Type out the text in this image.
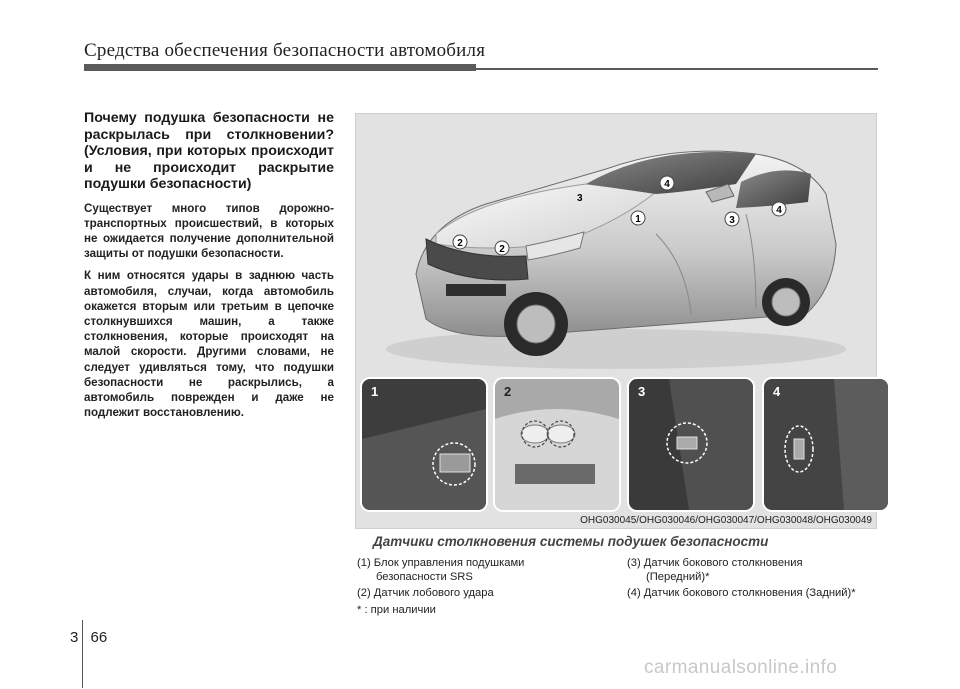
Средства обеспечения безопасности автомобиля

Почему подушка безопасности не раскрылась при столкновении? (Условия, при которых происходит и не происходит раскрытие подушки безопасности)

Существует много типов дорожно-транспортных происшествий, в которых не ожидается получение дополнительной защиты от подушки безопасности.

К ним относятся удары в заднюю часть автомобиля, случаи, когда автомобиль окажется вторым или третьим в цепочке столкнувшихся машин, а также столкновения, которые происходят на малой скорости. Другими словами, не следует удивляться тому, что подушки безопасности не раскрылись, а автомобиль поврежден и даже не подлежит восстановлению.

2
2
1
3
3
4
4
1	2	3	4
OHG030045/OHG030046/OHG030047/OHG030048/OHG030049
Датчики столкновения системы подушек безопасности
(1) Блок управления подушками
безопасности SRS
(2) Датчик лобового удара
* : при наличии
(3) Датчик бокового столкновения
(Передний)*
(4) Датчик бокового столкновения (Задний)*
3 66
carmanualsonline.info
